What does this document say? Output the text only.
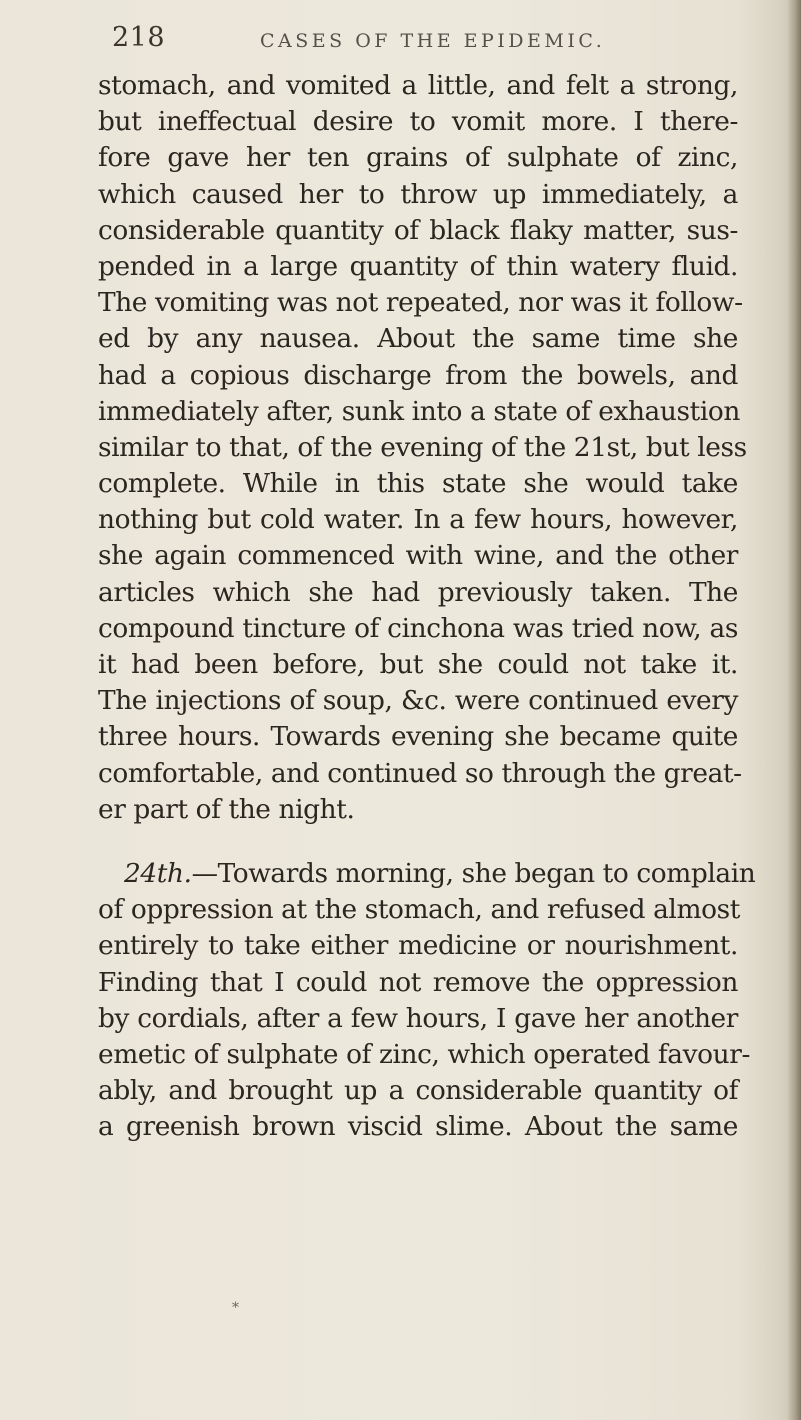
218	CASES OF THE EPIDEMIC.
stomach, and vomited a little, and felt a strong,
but ineffectual desire to vomit more. I there-
fore gave her ten grains of sulphate of zinc,
which caused her to throw up immediately, a
considerable quantity of black flaky matter, sus-
pended in a large quantity of thin watery fluid.
The vomiting was not repeated, nor was it follow-
ed by any nausea. About the same time she
had a copious discharge from the bowels, and
immediately after, sunk into a state of exhaustion
similar to that, of the evening of the 21st, but less
complete. While in this state she would take
nothing but cold water. In a few hours, however,
she again commenced with wine, and the other
articles which she had previously taken. The
compound tincture of cinchona was tried now, as
it had been before, but she could not take it.
The injections of soup, &c. were continued every
three hours. Towards evening she became quite
comfortable, and continued so through the great-
er part of the night.
24th.—Towards morning, she began to complain
of oppression at the stomach, and refused almost
entirely to take either medicine or nourishment.
Finding that I could not remove the oppression
by cordials, after a few hours, I gave her another
emetic of sulphate of zinc, which operated favour-
ably, and brought up a considerable quantity of
a greenish brown viscid slime. About the same
*
